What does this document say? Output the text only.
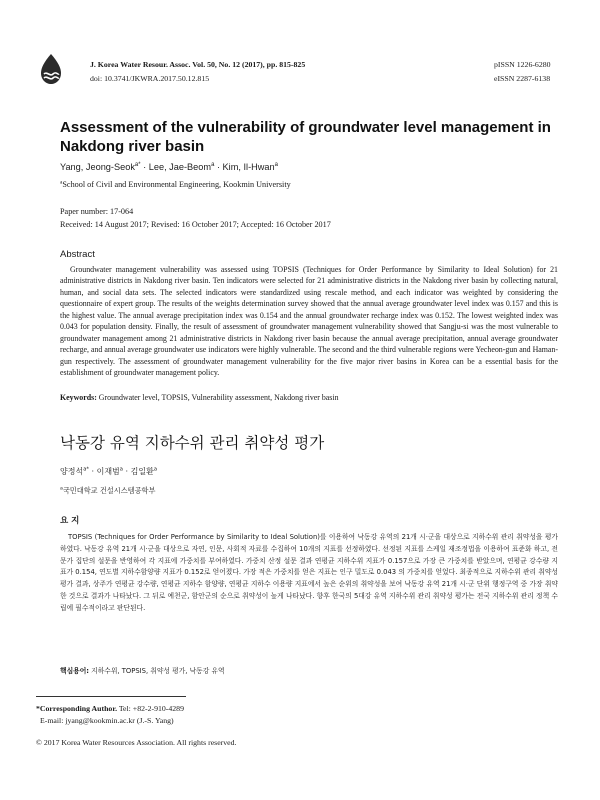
J. Korea Water Resour. Assoc. Vol. 50, No. 12 (2017), pp. 815-825
doi: 10.3741/JKWRA.2017.50.12.815
pISSN 1226-6280
eISSN 2287-6138
Assessment of the vulnerability of groundwater level management in Nakdong river basin
Yang, Jeong-Seok$^{a*}$ · Lee, Jae-Beom$^a$ · Kim, Il-Hwan$^a$
$^a$School of Civil and Environmental Engineering, Kookmin University
Paper number: 17-064
Received: 14 August 2017; Revised: 16 October 2017; Accepted: 16 October 2017
Abstract
Groundwater management vulnerability was assessed using TOPSIS (Techniques for Order Performance by Similarity to Ideal Solution) for 21 administrative districts in Nakdong river basin. Ten indicators were selected for 21 administrative districts in the Nakdong river basin by collecting natural, human, and social data sets. The selected indicators were standardized using rescale method, and each indicator was weighted by considering the questionnaire of expert group. The results of the weights determination survey showed that the annual average groundwater level index was 0.157 and this is the highest value. The annual average precipitation index was 0.154 and the annual groundwater recharge index was 0.152. The lowest weighted index was 0.043 for population density. Finally, the result of assessment of groundwater management vulnerability showed that Sangju-si was the most vulnerable to groundwater management among 21 administrative districts in Nakdong river basin because the annual average precipitation, annual average groundwater recharge, and annual average groundwater use indicators were highly vulnerable. The second and the third vulnerable regions were Yecheon-gun and Haman-gun respectively. The assessment of groundwater management vulnerability for the five major river basins in Korea can be a essential basis for the establishment of groundwater management policy.
Keywords: Groundwater level, TOPSIS, Vulnerability assessment, Nakdong river basin
낙동강 유역 지하수위 관리 취약성 평가
양정석$^{a*}$ · 이재범$^a$ · 김일환$^a$
$^a$국민대학교 건설시스템공학부
요 지
TOPSIS (Techniques for Order Performance by Similarity to Ideal Solution)를 이용하여 낙동강 유역의 21개 시·군을 대상으로 지하수위 관리 취약성을 평가하였다. 낙동강 유역 21개 시·군을 대상으로 자연, 인문, 사회적 자료를 수집하여 10개의 지표를 선정하였다. 선정된 지표를 스케일 재조정법을 이용하여 표준화 하고, 전문가 집단의 설문을 반영하여 각 지표에 가중치를 부여하였다. 가중치 산정 설문 결과 연평균 지하수위 지표가 0.157으로 가장 큰 가중치를 받았으며, 연평균 강수량 지표가 0.154, 연도별 지하수함양량 지표가 0.152로 얻어졌다. 가장 적은 가중치를 얻은 지표는 인구 밀도로 0.043 의 가중치를 얻었다. 최종적으로 지하수위 관리 취약성 평가 결과, 상주가 연평균 강수량, 연평균 지하수 함양량, 연평균 지하수 이용량 지표에서 높은 순위의 취약성을 보여 낙동강 유역 21개 시·군 단위 행정구역 중 가장 취약한 것으로 결과가 나타났다. 그 뒤로 예천군, 함안군의 순으로 취약성이 높게 나타났다. 향후 한국의 5대강 유역 지하수위 관리 취약성 평가는 전국 지하수위 관리 정책 수립에 필수적이라고 판단된다.
핵심용어: 지하수위, TOPSIS, 취약성 평가, 낙동강 유역
*Corresponding Author. Tel: +82-2-910-4289
E-mail: jyang@kookmin.ac.kr (J.-S. Yang)
© 2017 Korea Water Resources Association. All rights reserved.
